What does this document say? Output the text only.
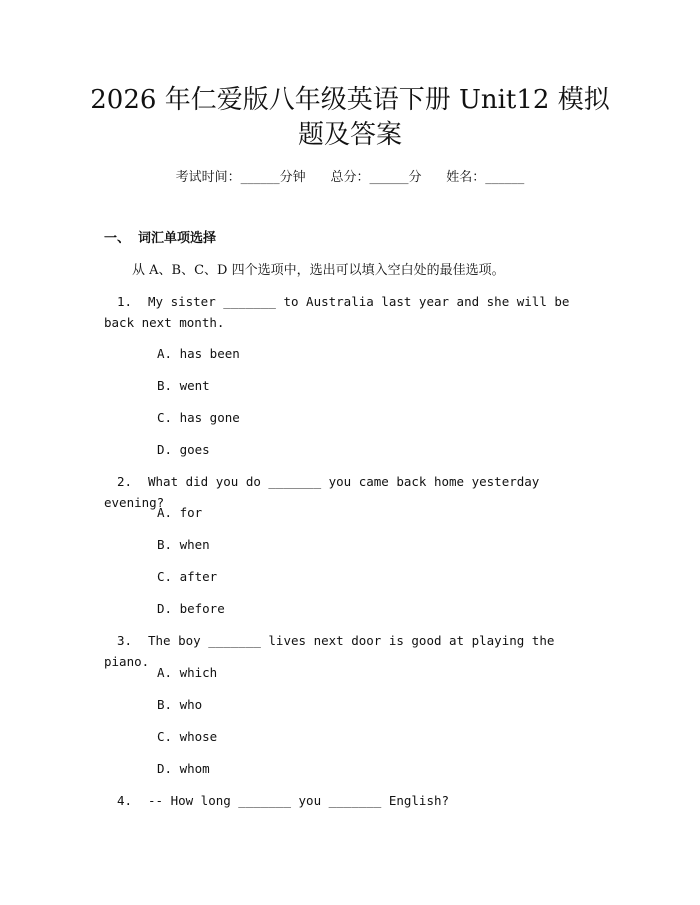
2026 年仁爱版八年级英语下册 Unit12 模拟
题及答案
考试时间：______分钟 总分：______分 姓名：______
一、 词汇单项选择
从 A、B、C、D 四个选项中，选出可以填入空白处的最佳选项。
1. My sister _______ to Australia last year and she will be back next month.
A. has been
B. went
C. has gone
D. goes
2. What did you do _______ you came back home yesterday evening?
A. for
B. when
C. after
D. before
3. The boy _______ lives next door is good at playing the piano.
A. which
B. who
C. whose
D. whom
4. -- How long _______ you _______ English?
